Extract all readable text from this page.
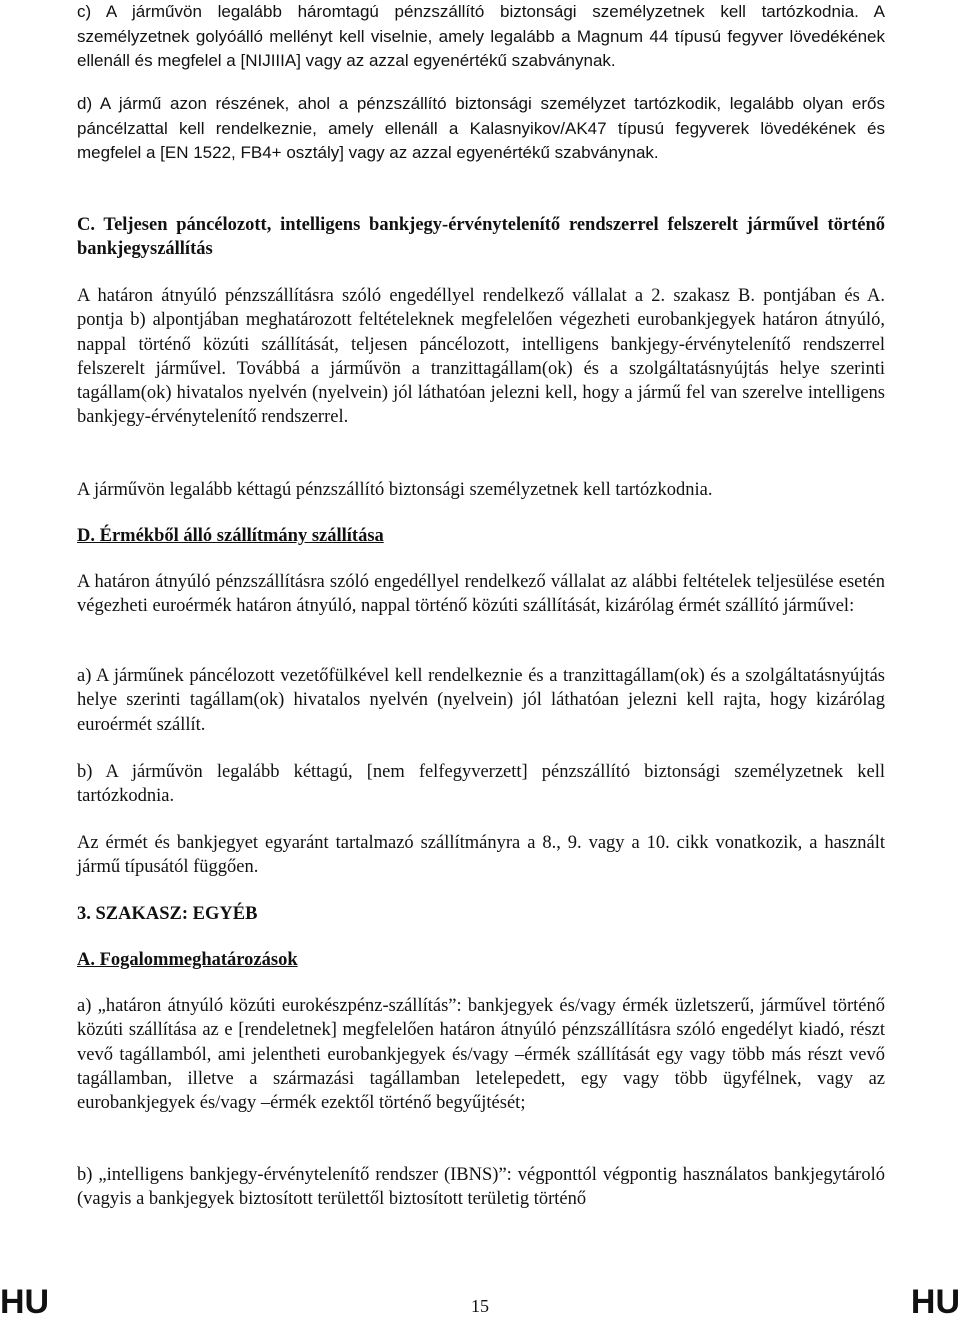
c) A járművön legalább háromtagú pénzszállító biztonsági személyzetnek kell tartózkodnia. A személyzetnek golyóálló mellényt kell viselnie, amely legalább a Magnum 44 típusú fegyver lövedékének ellenáll és megfelel a [NIJIIIA] vagy az azzal egyenértékű szabványnak.

d) A jármű azon részének, ahol a pénzszállító biztonsági személyzet tartózkodik, legalább olyan erős páncélzattal kell rendelkeznie, amely ellenáll a Kalasnyikov/AK47 típusú fegyverek lövedékének és megfelel a [EN 1522, FB4+ osztály] vagy az azzal egyenértékű szabványnak.

C. Teljesen páncélozott, intelligens bankjegy-érvénytelenítő rendszerrel felszerelt járművel történő bankjegyszállítás

A határon átnyúló pénzszállításra szóló engedéllyel rendelkező vállalat a 2. szakasz B. pontjában és A. pontja b) alpontjában meghatározott feltételeknek megfelelően végezheti eurobankjegyek határon átnyúló, nappal történő közúti szállítását, teljesen páncélozott, intelligens bankjegy-érvénytelenítő rendszerrel felszerelt járművel. Továbbá a járművön a tranzittagállam(ok) és a szolgáltatásnyújtás helye szerinti tagállam(ok) hivatalos nyelvén (nyelvein) jól láthatóan jelezni kell, hogy a jármű fel van szerelve intelligens bankjegy-érvénytelenítő rendszerrel.

A járművön legalább kéttagú pénzszállító biztonsági személyzetnek kell tartózkodnia.

D. Érmékből álló szállítmány szállítása

A határon átnyúló pénzszállításra szóló engedéllyel rendelkező vállalat az alábbi feltételek teljesülése esetén végezheti euroérmék határon átnyúló, nappal történő közúti szállítását, kizárólag érmét szállító járművel:

a) A járműnek páncélozott vezetőfülkével kell rendelkeznie és a tranzittagállam(ok) és a szolgáltatásnyújtás helye szerinti tagállam(ok) hivatalos nyelvén (nyelvein) jól láthatóan jelezni kell rajta, hogy kizárólag euroérmét szállít.

b) A járművön legalább kéttagú, [nem felfegyverzett] pénzszállító biztonsági személyzetnek kell tartózkodnia.

Az érmét és bankjegyet egyaránt tartalmazó szállítmányra a 8., 9. vagy a 10. cikk vonatkozik, a használt jármű típusától függően.

3. SZAKASZ: EGYÉB

A. Fogalommeghatározások

a) „határon átnyúló közúti eurokészpénz-szállítás”: bankjegyek és/vagy érmék üzletszerű, járművel történő közúti szállítása az e [rendeletnek] megfelelően határon átnyúló pénzszállításra szóló engedélyt kiadó, részt vevő tagállamból, ami jelentheti eurobankjegyek és/vagy –érmék szállítását egy vagy több más részt vevő tagállamban, illetve a származási tagállamban letelepedett, egy vagy több ügyfélnek, vagy az eurobankjegyek és/vagy –érmék ezektől történő begyűjtését;

b) „intelligens bankjegy-érvénytelenítő rendszer (IBNS)”: végponttól végpontig használatos bankjegytároló (vagyis a bankjegyek biztosított területtől biztosított területig történő

HU	15	HU
